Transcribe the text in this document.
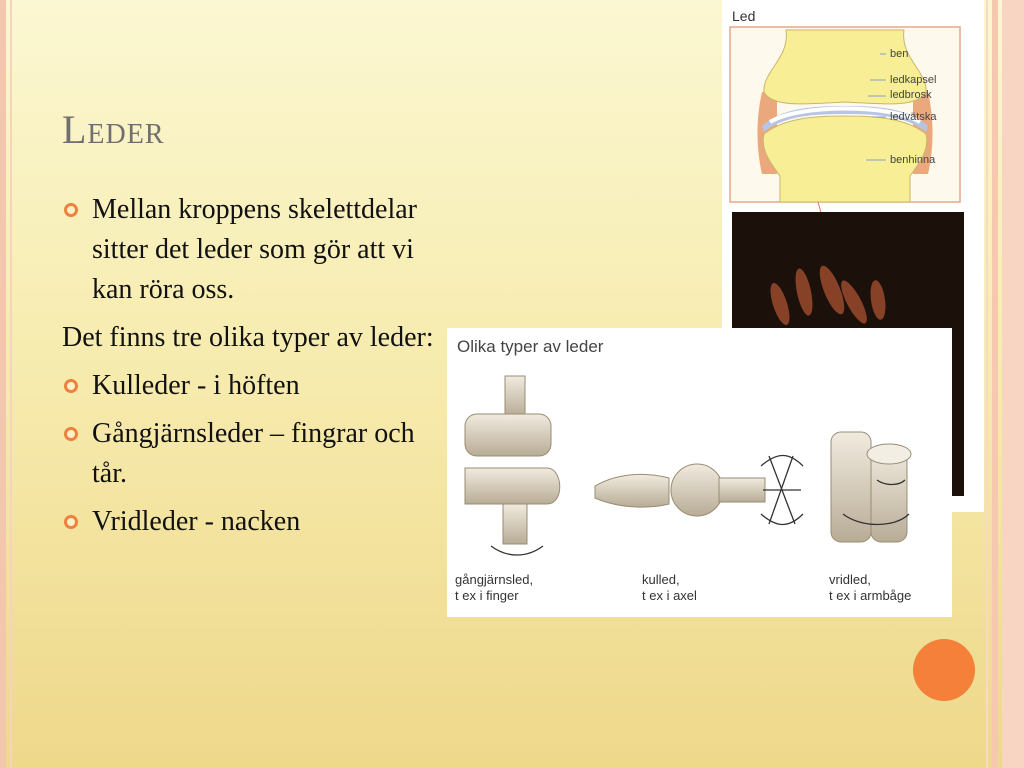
Leder
Mellan kroppens skelettdelar sitter det leder som gör att vi kan röra oss.
Det finns tre olika typer av leder:
Kulleder - i höften
Gångjärnsleder – fingrar och tår.
Vridleder - nacken
Led
ben
ledkapsel
ledbrosk
ledvätska
benhinna
Olika typer av leder
gångjärnsled,
t ex i finger
kulled,
t ex i axel
vridled,
t ex i armbåge
